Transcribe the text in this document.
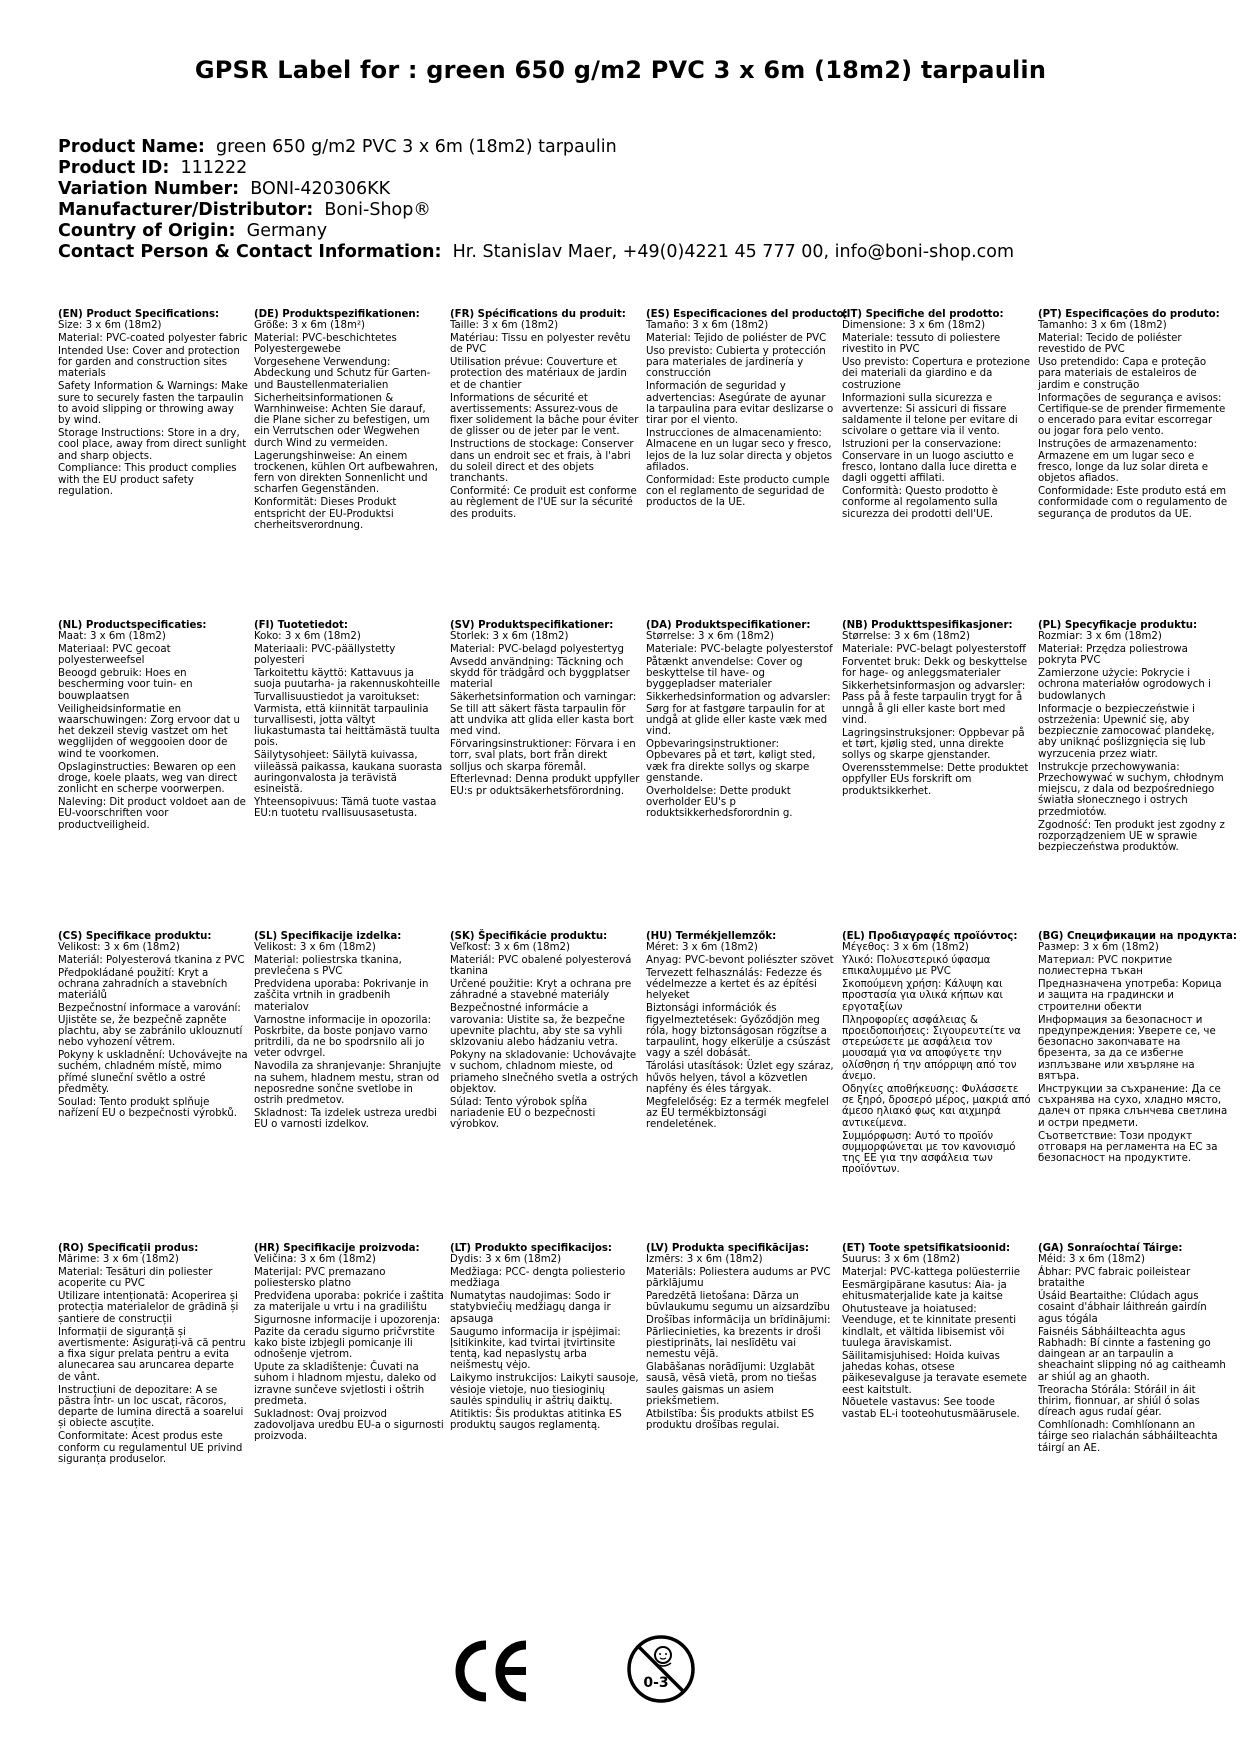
GPSR Label for : green 650 g/m2 PVC 3 x 6m (18m2) tarpaulin
Product Name: green 650 g/m2 PVC 3 x 6m (18m2) tarpaulin
Product ID: 111222
Variation Number: BONI-420306KK
Manufacturer/Distributor: Boni-Shop®
Country of Origin: Germany
Contact Person & Contact Information: Hr. Stanislav Maer, +49(0)4221 45 777 00, info@boni-shop.com
(EN) Product Specifications:
Size: 3 x 6m (18m2)
Material: PVC-coated polyester fabric
Intended Use: Cover and protection for garden and construction sites materials
Safety Information & Warnings: Make sure to securely fasten the tarpaulin to avoid slipping or throwing away by wind.
Storage Instructions: Store in a dry, cool place, away from direct sunlight and sharp objects.
Compliance: This product complies with the EU product safety regulation.
(DE) Produktspezifikationen:
Größe: 3 x 6m (18m²)
Material: PVC-beschichtetes Polyestergewebe
Vorgesehene Verwendung: Abdeckung und Schutz für Garten- und Baustellenmaterialien
Sicherheitsinformationen & Warnhinweise: Achten Sie darauf, die Plane sicher zu befestigen, um ein Verrutschen oder Wegwehen durch Wind zu vermeiden.
Lagerungshinweise: An einem trockenen, kühlen Ort aufbewahren, fern von direkten Sonnenlicht und scharfen Gegenständen.
Konformität: Dieses Produkt entspricht der EU-Produktsi cherheitsverordnung.
(FR) Spécifications du produit:
Taille: 3 x 6m (18m2)
Matériau: Tissu en polyester revêtu de PVC
Utilisation prévue: Couverture et protection des matériaux de jardin et de chantier
Informations de sécurité et avertissements: Assurez-vous de fixer solidement la bâche pour éviter de glisser ou de jeter par le vent.
Instructions de stockage: Conserver dans un endroit sec et frais, à l'abri du soleil direct et des objets tranchants.
Conformité: Ce produit est conforme au règlement de l'UE sur la sécurité des produits.
(ES) Especificaciones del producto:
Tamaño: 3 x 6m (18m2)
Material: Tejido de poliéster de PVC
Uso previsto: Cubierta y protección para materiales de jardinería y construcción
Información de seguridad y advertencias: Asegúrate de ayunar la tarpaulina para evitar deslizarse o tirar por el viento.
Instrucciones de almacenamiento: Almacene en un lugar seco y fresco, lejos de la luz solar directa y objetos afilados.
Conformidad: Este producto cumple con el reglamento de seguridad de productos de la UE.
(IT) Specifiche del prodotto:
Dimensione: 3 x 6m (18m2)
Materiale: tessuto di poliestere rivestito in PVC
Uso previsto: Copertura e protezione dei materiali da giardino e da costruzione
Informazioni sulla sicurezza e avvertenze: Si assicuri di fissare saldamente il telone per evitare di scivolare o gettare via il vento.
Istruzioni per la conservazione: Conservare in un luogo asciutto e fresco, lontano dalla luce diretta e dagli oggetti affilati.
Conformità: Questo prodotto è conforme al regolamento sulla sicurezza dei prodotti dell'UE.
(PT) Especificações do produto:
Tamanho: 3 x 6m (18m2)
Material: Tecido de poliéster revestido de PVC
Uso pretendido: Capa e proteção para materiais de estaleiros de jardim e construção
Informações de segurança e avisos: Certifique-se de prender firmemente o encerado para evitar escorregar ou jogar fora pelo vento.
Instruções de armazenamento: Armazene em um lugar seco e fresco, longe da luz solar direta e objetos afiados.
Conformidade: Este produto está em conformidade com o regulamento de segurança de produtos da UE.
(NL) Productspecificaties:
Maat: 3 x 6m (18m2)
Materiaal: PVC gecoat polyesterweefsel
Beoogd gebruik: Hoes en bescherming voor tuin- en bouwplaatsen
Veiligheidsinformatie en waarschuwingen: Zorg ervoor dat u het dekzeil stevig vastzet om het wegglijden of weggooien door de wind te voorkomen.
Opslaginstructies: Bewaren op een droge, koele plaats, weg van direct zonlicht en scherpe voorwerpen.
Naleving: Dit product voldoet aan de EU-voorschriften voor productveiligheid.
(FI) Tuotetiedot:
Koko: 3 x 6m (18m2)
Materiaali: PVC-päällystetty polyesteri
Tarkoitettu käyttö: Kattavuus ja suoja puutarha- ja rakennuskohteille
Turvallisuustiedot ja varoitukset: Varmista, että kiinnität tarpaulinia turvallisesti, jotta vältyt liukastumasta tai heittämästä tuulta pois.
Säilytysohjeet: Säilytä kuivassa, viileässä paikassa, kaukana suorasta auringonvalosta ja terävistä esineistä.
Yhteensopivuus: Tämä tuote vastaa EU:n tuotetu rvallisuusasetusta.
(SV) Produktspecifikationer:
Storlek: 3 x 6m (18m2)
Material: PVC-belagd polyestertyg
Avsedd användning: Täckning och skydd för trädgård och byggplatser material
Säkerhetsinformation och varningar: Se till att säkert fästa tarpaulin för att undvika att glida eller kasta bort med vind.
Förvaringsinstruktioner: Förvara i en torr, sval plats, bort från direkt solljus och skarpa föremål.
Efterlevnad: Denna produkt uppfyller EU:s pr oduktsäkerhetsförordning.
(DA) Produktspecifikationer:
Størrelse: 3 x 6m (18m2)
Materiale: PVC-belagte polyesterstof
Påtænkt anvendelse: Cover og beskyttelse til have- og byggepladser materialer
Sikkerhedsinformation og advarsler: Sørg for at fastgøre tarpaulin for at undgå at glide eller kaste væk med vind.
Opbevaringsinstruktioner: Opbevares på et tørt, køligt sted, væk fra direkte sollys og skarpe genstande.
Overholdelse: Dette produkt overholder EU's p roduktsikkerhedsforordnin g.
(NB) Produkttspesifikasjoner:
Størrelse: 3 x 6m (18m2)
Materiale: PVC-belagt polyesterstoff
Forventet bruk: Dekk og beskyttelse for hage- og anleggsmaterialer
Sikkerhetsinformasjon og advarsler: Pass på å feste tarpaulin trygt for å unngå å gli eller kaste bort med vind.
Lagringsinstruksjoner: Oppbevar på et tørt, kjølig sted, unna direkte sollys og skarpe gjenstander.
Overensstemmelse: Dette produktet oppfyller EUs forskrift om produktsikkerhet.
(PL) Specyfikacje produktu:
Rozmiar: 3 x 6m (18m2)
Materiał: Przędza poliestrowa pokryta PVC
Zamierzone użycie: Pokrycie i ochrona materiałów ogrodowych i budowlanych
Informacje o bezpieczeństwie i ostrzeżenia: Upewnić się, aby bezpiecznie zamocować plandekę, aby uniknąć poślizgnięcia się lub wyrzucenia przez wiatr.
Instrukcje przechowywania: Przechowywać w suchym, chłodnym miejscu, z dala od bezpośredniego światła słonecznego i ostrych przedmiotów.
Zgodność: Ten produkt jest zgodny z rozporządzeniem UE w sprawie bezpieczeństwa produktów.
(CS) Specifikace produktu:
Velikost: 3 x 6m (18m2)
Materiál: Polyesterová tkanina z PVC
Předpokládané použití: Kryt a ochrana zahradních a stavebních materiálů
Bezpečnostní informace a varování: Ujistěte se, že bezpečně zapněte plachtu, aby se zabránilo uklouznutí nebo vyhození větrem.
Pokyny k uskladnění: Uchovávejte na suchém, chladném místě, mimo přímé sluneční světlo a ostré předměty.
Soulad: Tento produkt splňuje nařízení EU o bezpečnosti výrobků.
(SL) Specifikacije izdelka:
Velikost: 3 x 6m (18m2)
Material: poliestrska tkanina, prevlečena s PVC
Predvidena uporaba: Pokrivanje in zaščita vrtnih in gradbenih materialov
Varnostne informacije in opozorila: Poskrbite, da boste ponjavo varno pritrdili, da ne bo spodrsnilo ali jo veter odvrgel.
Navodila za shranjevanje: Shranjujte na suhem, hladnem mestu, stran od neposredne sončne svetlobe in ostrih predmetov.
Skladnost: Ta izdelek ustreza uredbi EU o varnosti izdelkov.
(SK) Špecifikácie produktu:
Veľkosť: 3 x 6m (18m2)
Materiál: PVC obalené polyesterová tkanina
Určené použitie: Kryt a ochrana pre záhradné a stavebné materiály
Bezpečnostné informácie a varovania: Uistite sa, že bezpečne upevnite plachtu, aby ste sa vyhli sklzovaniu alebo hádzaniu vetra.
Pokyny na skladovanie: Uchovávajte v suchom, chladnom mieste, od priameho slnečného svetla a ostrých objektov.
Súlad: Tento výrobok spĺňa nariadenie EÚ o bezpečnosti výrobkov.
(HU) Termékjellemzők:
Méret: 3 x 6m (18m2)
Anyag: PVC-bevont poliészter szövet
Tervezett felhasználás: Fedezze és védelmezze a kertet és az építési helyeket
Biztonsági információk és figyelmeztetések: Győződjön meg róla, hogy biztonságosan rögzítse a tarpaulint, hogy elkerülje a csúszást vagy a szél dobását.
Tárolási utasítások: Üzlet egy száraz, hűvös helyen, távol a közvetlen napfény és éles tárgyak.
Megfelelőség: Ez a termék megfelel az EU termékbiztonsági rendeletének.
(EL) Προδιαγραφές προϊόντος:
Μέγεθος: 3 x 6m (18m2)
Υλικό: Πολυεστερικό ύφασμα επικαλυμμένο με PVC
Σκοπούμενη χρήση: Κάλυψη και προστασία για υλικά κήπων και εργοταξίων
Πληροφορίες ασφάλειας & προειδοποιήσεις: Σιγουρευτείτε να στερεώσετε με ασφάλεια τον μουσαμά για να αποφύγετε την ολίσθηση ή την απόρριψη από τον άνεμο.
Οδηγίες αποθήκευσης: Φυλάσσετε σε ξηρό, δροσερό μέρος, μακριά από άμεσο ηλιακό φως και αιχμηρά αντικείμενα.
Συμμόρφωση: Αυτό το προϊόν συμμορφώνεται με τον κανονισμό της ΕΕ για την ασφάλεια των προϊόντων.
(BG) Спецификации на продукта:
Размер: 3 x 6m (18m2)
Материал: PVC покритие полиестерна тъкан
Предназначена употреба: Корица и защита на градински и строителни обекти
Информация за безопасност и предупреждения: Уверете се, че безопасно закопчавате на брезента, за да се избегне изплъзване или хвърляне на вятъра.
Инструкции за съхранение: Да се съхранява на сухо, хладно място, далеч от пряка слънчева светлина и остри предмети.
Съответствие: Този продукт отговаря на регламента на ЕС за безопасност на продуктите.
(RO) Specificații produs:
Mărime: 3 x 6m (18m2)
Material: Tesături din poliester acoperite cu PVC
Utilizare intenționată: Acoperirea și protecția materialelor de grădină și șantiere de construcții
Informații de siguranță și avertismente: Asigurați-vă că pentru a fixa sigur prelata pentru a evita alunecarea sau aruncarea departe de vânt.
Instrucțiuni de depozitare: A se păstra într- un loc uscat, răcoros, departe de lumina directă a soarelui și obiecte ascuțite.
Conformitate: Acest produs este conform cu regulamentul UE privind siguranța produselor.
(HR) Specifikacije proizvoda:
Veličina: 3 x 6m (18m2)
Materijal: PVC premazano poliestersko platno
Predviđena uporaba: pokriće i zaštita za materijale u vrtu i na gradilištu
Sigurnosne informacije i upozorenja: Pazite da ceradu sigurno pričvrstite kako biste izbjegli pomicanje ili odnošenje vjetrom.
Upute za skladištenje: Čuvati na suhom i hladnom mjestu, daleko od izravne sunčeve svjetlosti i oštrih predmeta.
Sukladnost: Ovaj proizvod zadovoljava uredbu EU-a o sigurnosti proizvoda.
(LT) Produkto specifikacijos:
Dydis: 3 x 6m (18m2)
Medžiaga: PCC- dengta poliesterio medžiaga
Numatytas naudojimas: Sodo ir statybviečių medžiagų danga ir apsauga
Saugumo informacija ir įspėjimai: Įsitikinkite, kad tvirtai įtvirtinsite tentą, kad nepaslystų arba neišmestų vėjo.
Laikymo instrukcijos: Laikyti sausoje, vėsioje vietoje, nuo tiesioginių saulės spindulių ir aštrių daiktų.
Atitiktis: Šis produktas atitinka ES produktų saugos reglamentą.
(LV) Produkta specifikācijas:
Izmērs: 3 x 6m (18m2)
Materiāls: Poliestera audums ar PVC pārklājumu
Paredzētā lietošana: Dārza un būvlaukumu segumu un aizsardzību
Drošības informācija un brīdinājumi: Pārliecinieties, ka brezents ir droši piestiprināts, lai neslīdētu vai nemestu vējā.
Glabāšanas norādījumi: Uzglabāt sausā, vēsā vietā, prom no tiešas saules gaismas un asiem priekšmetiem.
Atbilstība: Šis produkts atbilst ES produktu drošības regulai.
(ET) Toote spetsifikatsioonid:
Suurus: 3 x 6m (18m2)
Materjal: PVC-kattega polüesterriie
Eesmärgipärane kasutus: Aia- ja ehitusmaterjalide kate ja kaitse
Ohutusteave ja hoiatused: Veenduge, et te kinnitate presenti kindlalt, et vältida libisemist või tuulega äraviskamist.
Säilitamisjuhised: Hoida kuivas jahedas kohas, otsese päikesevalguse ja teravate esemete eest kaitstult.
Nõuetele vastavus: See toode vastab EL-i tooteohutusmäärusele.
(GA) Sonraíochtaí Táirge:
Méid: 3 x 6m (18m2)
Ábhar: PVC fabraic poileistear brataithe
Úsáid Beartaithe: Clúdach agus cosaint d'ábhair láithreán gairdín agus tógála
Faisnéis Sábháilteachta agus Rabhadh: Bí cinnte a fastening go daingean ar an tarpaulin a sheachaint slipping nó ag caitheamh ar shiúl ag an ghaoth.
Treoracha Stórála: Stóráil in áit thirim, fionnuar, ar shiúl ó solas díreach agus rudaí géar.
Comhlíonadh: Comhlíonann an táirge seo rialachán sábháilteachta táirgí an AE.
0-3
